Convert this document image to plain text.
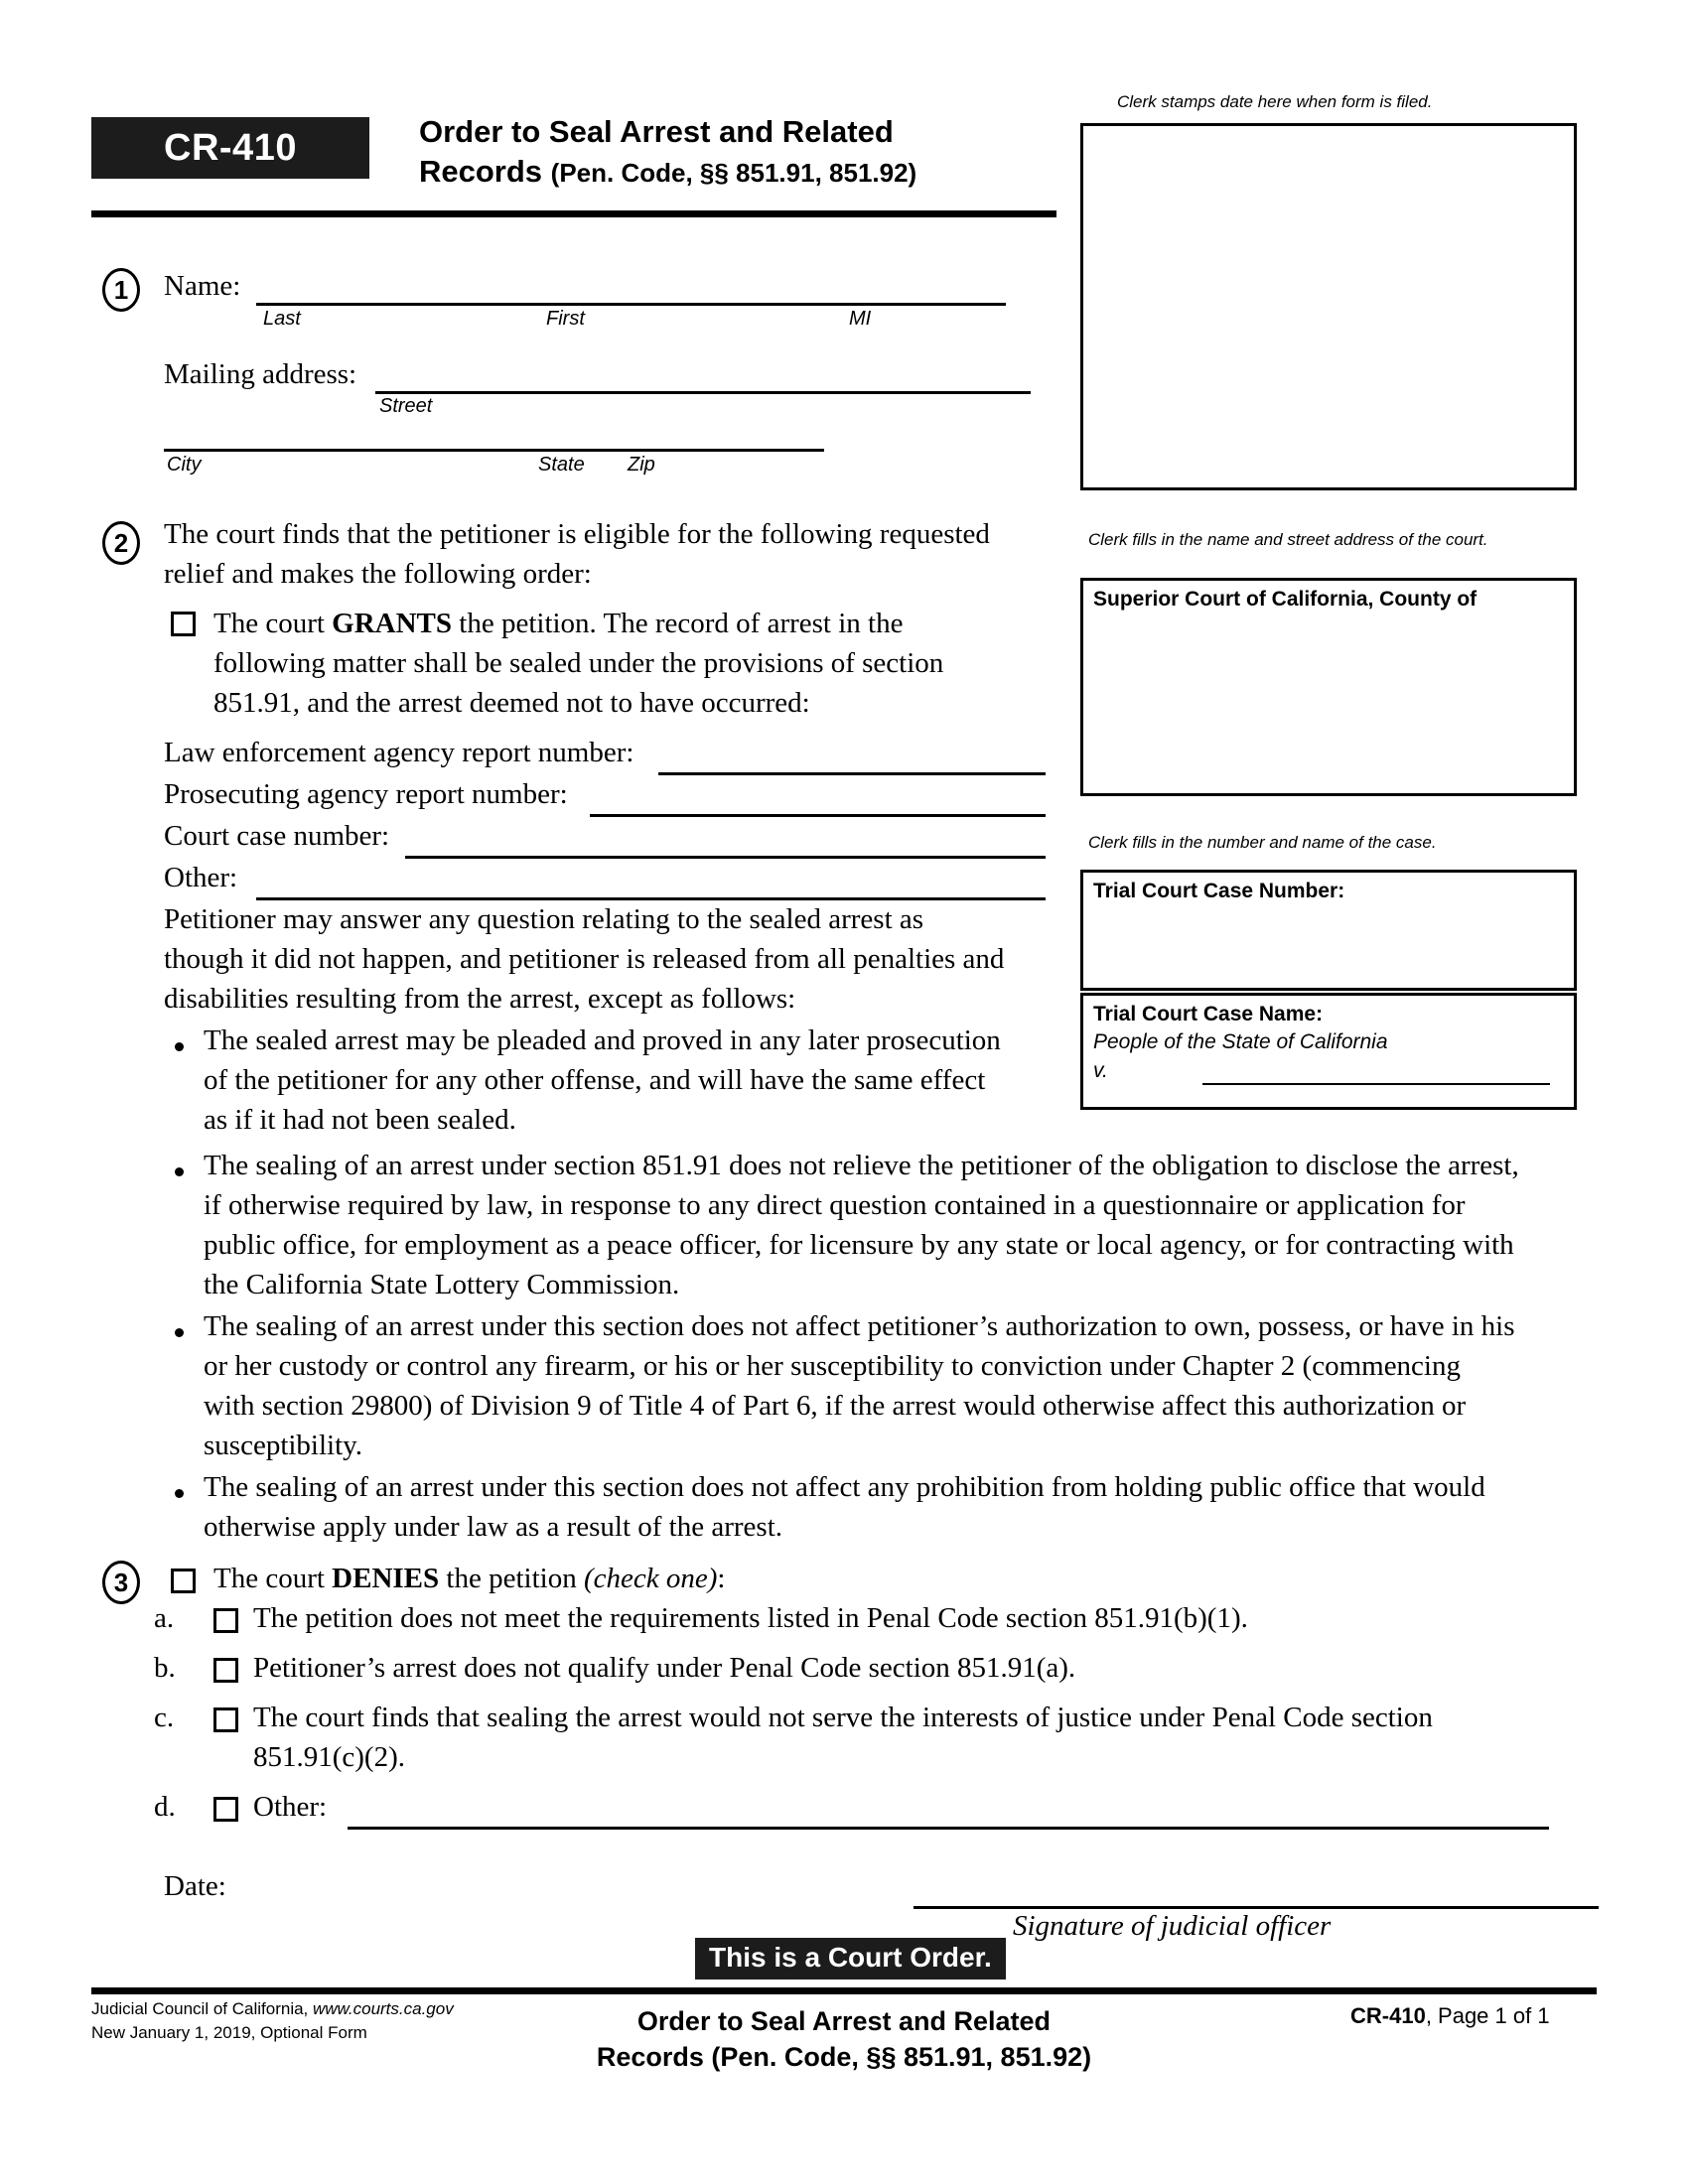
CR-410	Order to Seal Arrest and Related
Records (Pen. Code, §§ 851.91, 851.92)
Clerk stamps date here when form is filed.
Clerk fills in the name and street address of the court.
Superior Court of California, County of
Clerk fills in the number and name of the case.
Trial Court Case Number:
Trial Court Case Name:
People of the State of California
v.
1	Name:
Last	First	MI
Mailing address:
Street
City	State Zip
2	The court finds that the petitioner is eligible for the following requested
relief and makes the following order:
The court GRANTS the petition. The record of arrest in the
following matter shall be sealed under the provisions of section
851.91, and the arrest deemed not to have occurred:
Law enforcement agency report number:
Prosecuting agency report number:
Court case number:
Other:
Petitioner may answer any question relating to the sealed arrest as
though it did not happen, and petitioner is released from all penalties and
disabilities resulting from the arrest, except as follows:
The sealed arrest may be pleaded and proved in any later prosecution
of the petitioner for any other offense, and will have the same effect
as if it had not been sealed.
The sealing of an arrest under section 851.91 does not relieve the petitioner of the obligation to disclose the arrest,
if otherwise required by law, in response to any direct question contained in a questionnaire or application for
public office, for employment as a peace officer, for licensure by any state or local agency, or for contracting with
the California State Lottery Commission.
The sealing of an arrest under this section does not affect petitioner’s authorization to own, possess, or have in his
or her custody or control any firearm, or his or her susceptibility to conviction under Chapter 2 (commencing
with section 29800) of Division 9 of Title 4 of Part 6, if the arrest would otherwise affect this authorization or
susceptibility.
The sealing of an arrest under this section does not affect any prohibition from holding public office that would
otherwise apply under law as a result of the arrest.
3	The court DENIES the petition (check one):
a.	The petition does not meet the requirements listed in Penal Code section 851.91(b)(1).
b.	Petitioner’s arrest does not qualify under Penal Code section 851.91(a).
c.	The court finds that sealing the arrest would not serve the interests of justice under Penal Code section
851.91(c)(2).
d.	Other:
Date:
Signature of judicial officer
This is a Court Order.
Judicial Council of California, www.courts.ca.gov
New January 1, 2019, Optional Form	Order to Seal Arrest and Related
Records (Pen. Code, §§ 851.91, 851.92)
CR-410, Page 1 of 1
